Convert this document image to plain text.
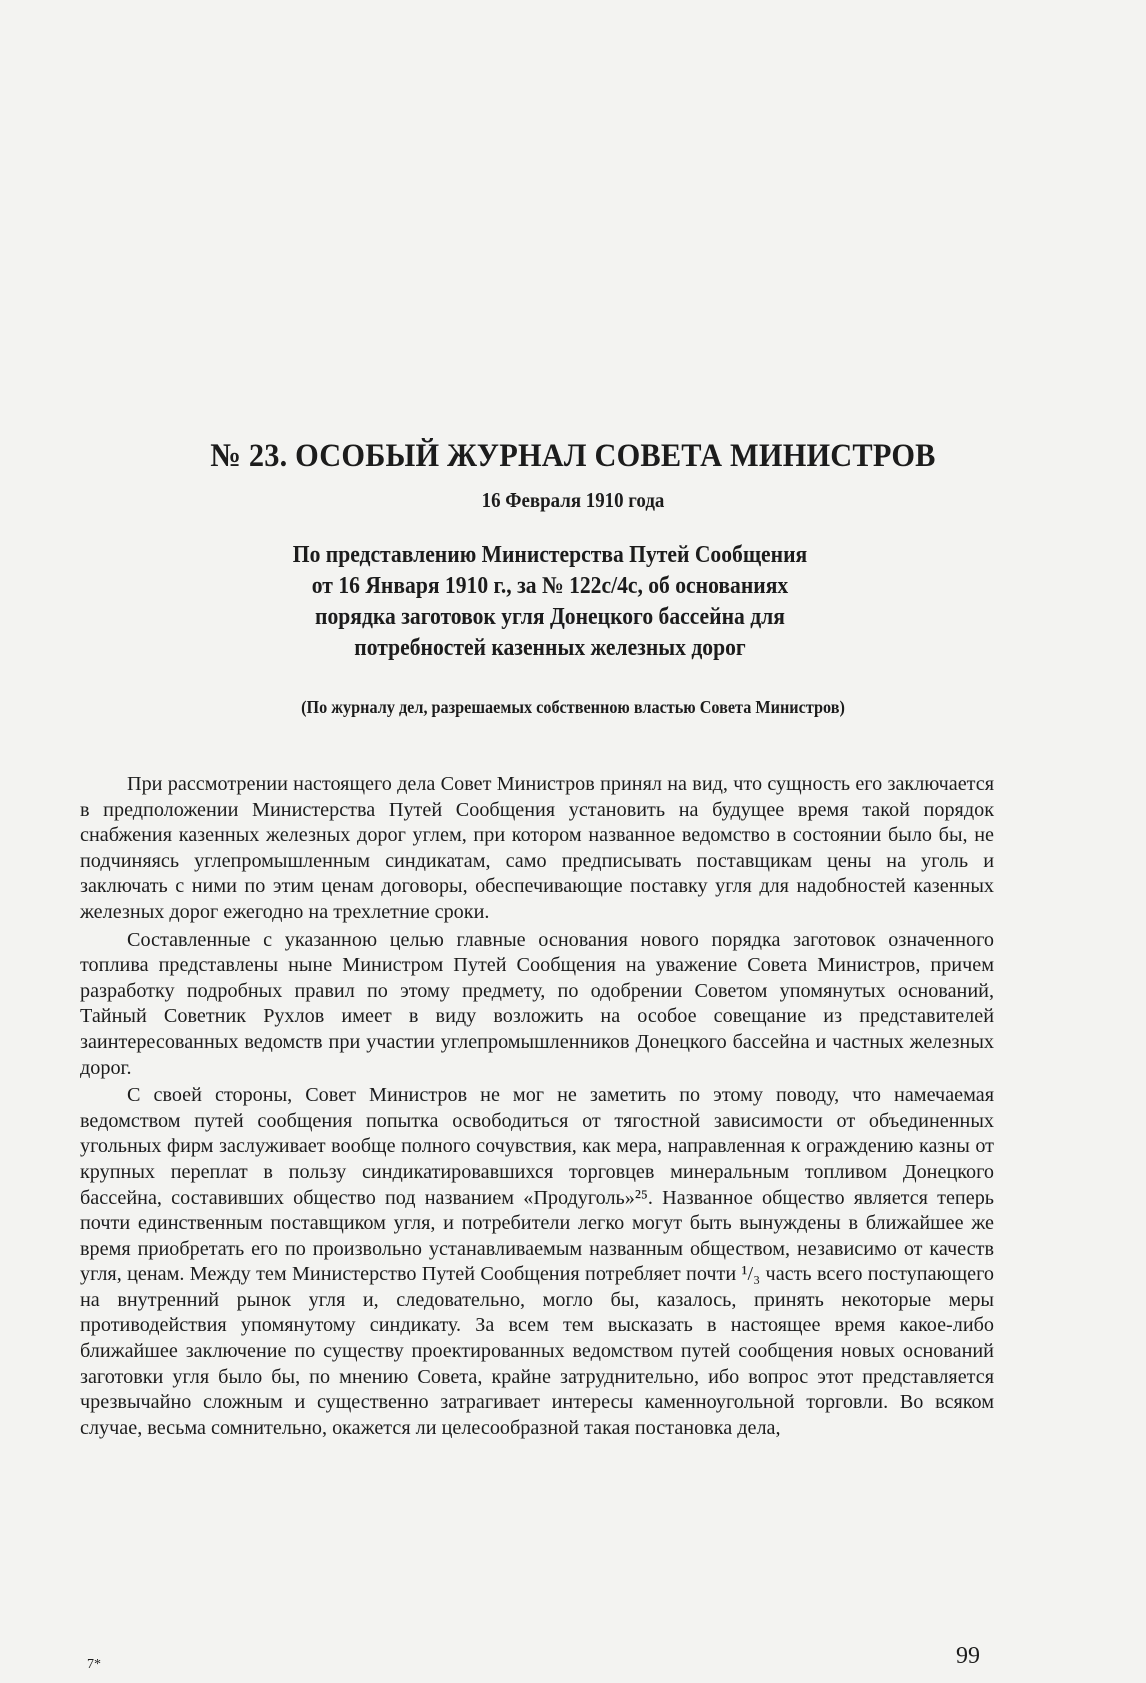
№ 23. ОСОБЫЙ ЖУРНАЛ СОВЕТА МИНИСТРОВ
16 Февраля 1910 года
По представлению Министерства Путей Сообщения
от 16 Января 1910 г., за № 122с/4с, об основаниях
порядка заготовок угля Донецкого бассейна для
потребностей казенных железных дорог
(По журналу дел, разрешаемых собственною властью Совета Министров)

При рассмотрении настоящего дела Совет Министров принял на вид, что сущность его заключается в предположении Министерства Путей Сообщения установить на будущее время такой порядок снабжения казенных железных дорог углем, при котором названное ведомство в состоянии было бы, не подчиняясь углепромышленным синдикатам, само предписывать поставщикам цены на уголь и заключать с ними по этим ценам договоры, обеспечивающие поставку угля для надобностей казенных железных дорог ежегодно на трехлетние сроки.

Составленные с указанною целью главные основания нового порядка заготовок означенного топлива представлены ныне Министром Путей Сообщения на уважение Совета Министров, причем разработку подробных правил по этому предмету, по одобрении Советом упомянутых оснований, Тайный Советник Рухлов имеет в виду возложить на особое совещание из представителей заинтересованных ведомств при участии углепромышленников Донецкого бассейна и частных железных дорог.

С своей стороны, Совет Министров не мог не заметить по этому поводу, что намечаемая ведомством путей сообщения попытка освободиться от тягостной зависимости от объединенных угольных фирм заслуживает вообще полного сочувствия, как мера, направленная к ограждению казны от крупных переплат в пользу синдикатировавшихся торговцев минеральным топливом Донецкого бассейна, составивших общество под названием «Продуголь»²⁵. Названное общество является теперь почти единственным поставщиком угля, и потребители легко могут быть вынуждены в ближайшее же время приобретать его по произвольно устанавливаемым названным обществом, независимо от качеств угля, ценам. Между тем Министерство Путей Сообщения потребляет почти ¹/₃ часть всего поступающего на внутренний рынок угля и, следовательно, могло бы, казалось, принять некоторые меры противодействия упомянутому синдикату. За всем тем высказать в настоящее время какое-либо ближайшее заключение по существу проектированных ведомством путей сообщения новых оснований заготовки угля было бы, по мнению Совета, крайне затруднительно, ибо вопрос этот представляется чрезвычайно сложным и существенно затрагивает интересы каменноугольной торговли. Во всяком случае, весьма сомнительно, окажется ли целесообразной такая постановка дела,

99
7*
